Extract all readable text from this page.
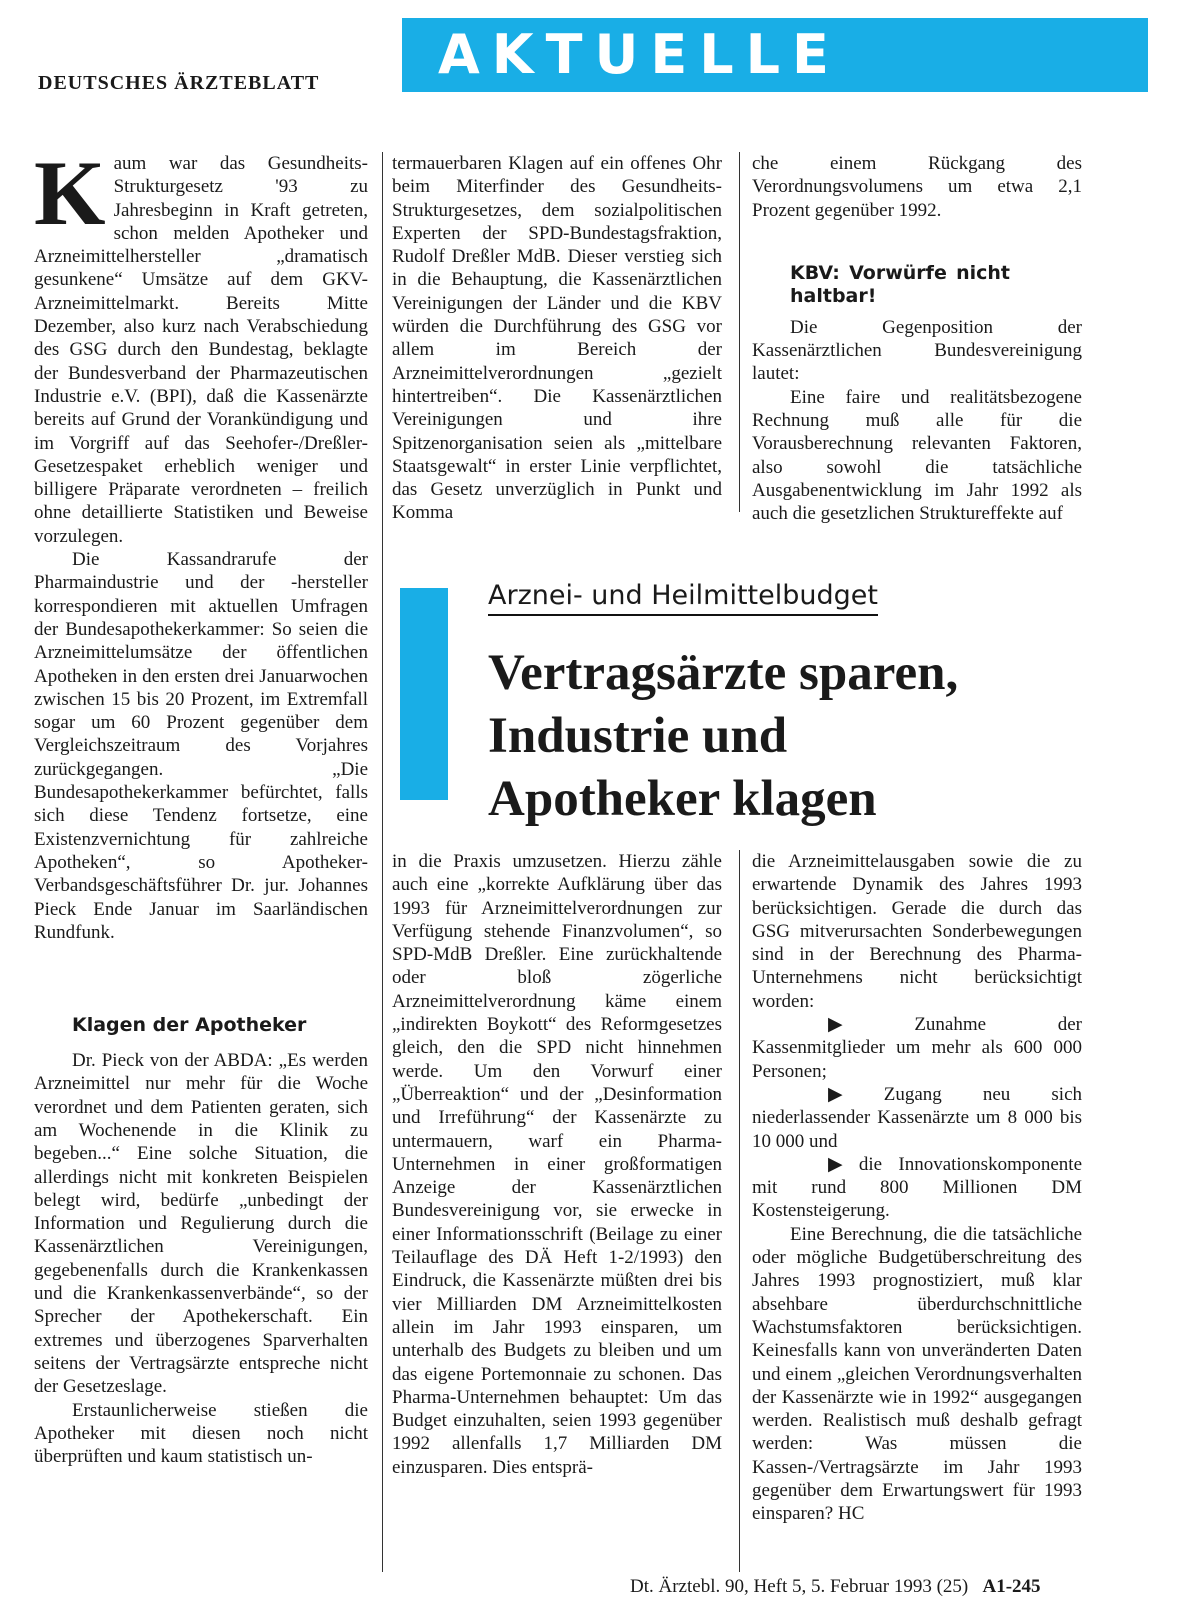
DEUTSCHES ÄRZTEBLATT AKTUELLE POLITIK

Kaum war das Gesundheits-Strukturgesetz '93 zu Jahresbeginn in Kraft getreten, schon melden Apotheker und Arzneimittelhersteller „dramatisch gesunkene“ Umsätze auf dem GKV-Arzneimittelmarkt. Bereits Mitte Dezember, also kurz nach Verabschiedung des GSG durch den Bundestag, beklagte der Bundesverband der Pharmazeutischen Industrie e.V. (BPI), daß die Kassenärzte bereits auf Grund der Vorankündigung und im Vorgriff auf das Seehofer-/Dreßler-Gesetzespaket erheblich weniger und billigere Präparate verordneten – freilich ohne detaillierte Statistiken und Beweise vorzulegen.

Die Kassandrarufe der Pharmaindustrie und der -hersteller korrespondieren mit aktuellen Umfragen der Bundesapothekerkammer: So seien die Arzneimittelumsätze der öffentlichen Apotheken in den ersten drei Januarwochen zwischen 15 bis 20 Prozent, im Extremfall sogar um 60 Prozent gegenüber dem Vergleichszeitraum des Vorjahres zurückgegangen. „Die Bundesapothekerkammer befürchtet, falls sich diese Tendenz fortsetze, eine Existenzvernichtung für zahlreiche Apotheken“, so Apotheker-Verbandsgeschäftsführer Dr. jur. Johannes Pieck Ende Januar im Saarländischen Rundfunk.

Klagen der Apotheker

Dr. Pieck von der ABDA: „Es werden Arzneimittel nur mehr für die Woche verordnet und dem Patienten geraten, sich am Wochenende in die Klinik zu begeben...“ Eine solche Situation, die allerdings nicht mit konkreten Beispielen belegt wird, bedürfe „unbedingt der Information und Regulierung durch die Kassenärztlichen Vereinigungen, gegebenenfalls durch die Krankenkassen und die Krankenkassenverbände“, so der Sprecher der Apothekerschaft. Ein extremes und überzogenes Sparverhalten seitens der Vertragsärzte entspreche nicht der Gesetzeslage.

Erstaunlicherweise stießen die Apotheker mit diesen noch nicht überprüften und kaum statistisch un-

termauerbaren Klagen auf ein offenes Ohr beim Miterfinder des Gesundheits-Strukturgesetzes, dem sozialpolitischen Experten der SPD-Bundestagsfraktion, Rudolf Dreßler MdB. Dieser verstieg sich in die Behauptung, die Kassenärztlichen Vereinigungen der Länder und die KBV würden die Durchführung des GSG vor allem im Bereich der Arzneimittelverordnungen „gezielt hintertreiben“. Die Kassenärztlichen Vereinigungen und ihre Spitzenorganisation seien als „mittelbare Staatsgewalt“ in erster Linie verpflichtet, das Gesetz unverzüglich in Punkt und Komma

che einem Rückgang des Verordnungsvolumens um etwa 2,1 Prozent gegenüber 1992.

KBV: Vorwürfe nicht haltbar!

Die Gegenposition der Kassenärztlichen Bundesvereinigung lautet:

Eine faire und realitätsbezogene Rechnung muß alle für die Vorausberechnung relevanten Faktoren, also sowohl die tatsächliche Ausgabenentwicklung im Jahr 1992 als auch die gesetzlichen Struktureffekte auf

Arznei- und Heilmittelbudget
Vertragsärzte sparen,
Industrie und
Apotheker klagen

in die Praxis umzusetzen. Hierzu zähle auch eine „korrekte Aufklärung über das 1993 für Arzneimittelverordnungen zur Verfügung stehende Finanzvolumen“, so SPD-MdB Dreßler. Eine zurückhaltende oder bloß zögerliche Arzneimittelverordnung käme einem „indirekten Boykott“ des Reformgesetzes gleich, den die SPD nicht hinnehmen werde. Um den Vorwurf einer „Überreaktion“ und der „Desinformation und Irreführung“ der Kassenärzte zu untermauern, warf ein Pharma-Unternehmen in einer großformatigen Anzeige der Kassenärztlichen Bundesvereinigung vor, sie erwecke in einer Informationsschrift (Beilage zu einer Teilauflage des DÄ Heft 1-2/1993) den Eindruck, die Kassenärzte müßten drei bis vier Milliarden DM Arzneimittelkosten allein im Jahr 1993 einsparen, um unterhalb des Budgets zu bleiben und um das eigene Portemonnaie zu schonen. Das Pharma-Unternehmen behauptet: Um das Budget einzuhalten, seien 1993 gegenüber 1992 allenfalls 1,7 Milliarden DM einzusparen. Dies entsprä-

die Arzneimittelausgaben sowie die zu erwartende Dynamik des Jahres 1993 berücksichtigen. Gerade die durch das GSG mitverursachten Sonderbewegungen sind in der Berechnung des Pharma-Unternehmens nicht berücksichtigt worden:

▶	Zunahme der Kassenmitglieder um mehr als 600 000 Personen;

▶ Zugang neu sich niederlassender Kassenärzte um 8 000 bis 10 000 und

▶ die Innovationskomponente mit rund 800 Millionen DM Kostensteigerung.

Eine Berechnung, die die tatsächliche oder mögliche Budgetüberschreitung des Jahres 1993 prognostiziert, muß klar absehbare überdurchschnittliche Wachstumsfaktoren berücksichtigen. Keinesfalls kann von unveränderten Daten und einem „gleichen Verordnungsverhalten der Kassenärzte wie in 1992“ ausgegangen werden. Realistisch muß deshalb gefragt werden: Was müssen die Kassen-/Vertragsärzte im Jahr 1993 gegenüber dem Erwartungswert für 1993 einsparen? HC

Dt. Ärztebl. 90, Heft 5, 5. Februar 1993 (25) A1-245
